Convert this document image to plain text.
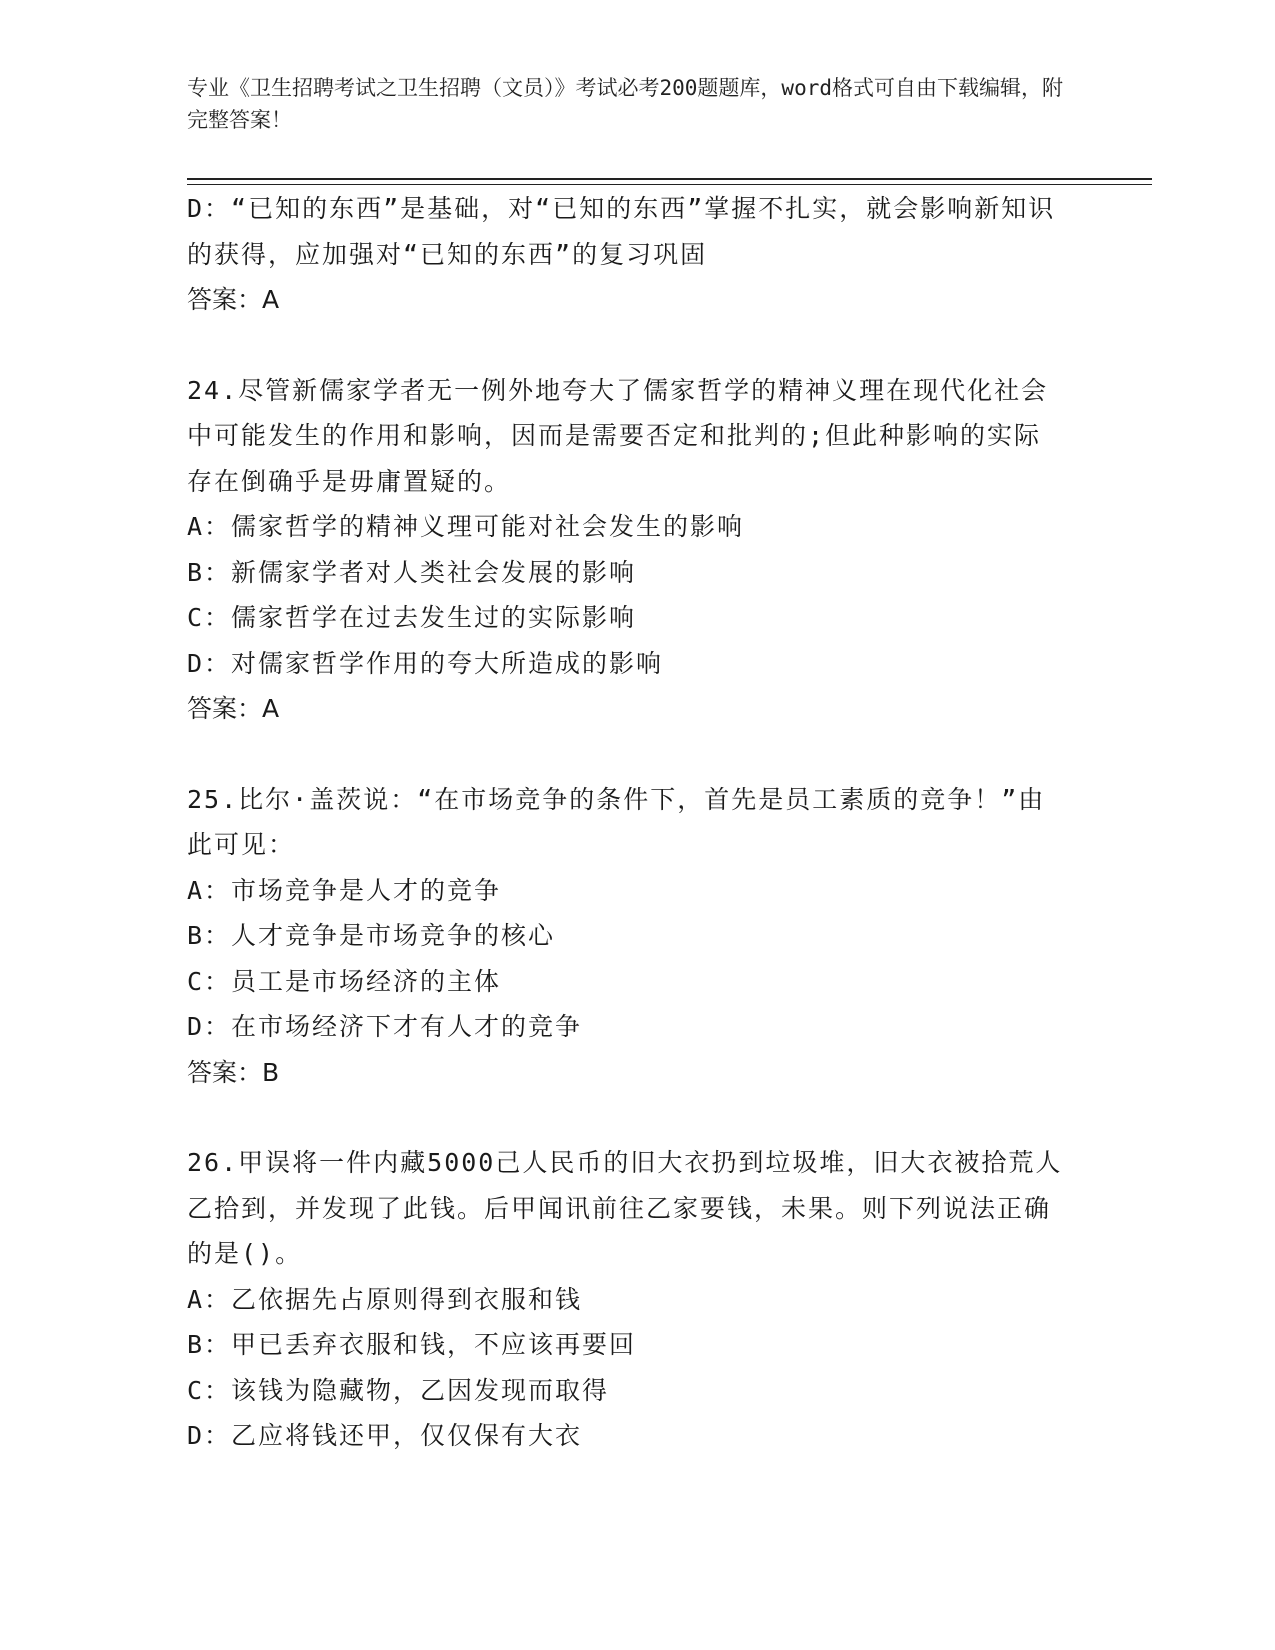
专业《卫生招聘考试之卫生招聘（文员）》考试必考200题题库，word格式可自由下载编辑，附完整答案！

D：“已知的东西”是基础，对“已知的东西”掌握不扎实，就会影响新知识的获得，应加强对“已知的东西”的复习巩固

答案：A

24.尽管新儒家学者无一例外地夸大了儒家哲学的精神义理在现代化社会中可能发生的作用和影响，因而是需要否定和批判的;但此种影响的实际存在倒确乎是毋庸置疑的。

A：儒家哲学的精神义理可能对社会发生的影响

B：新儒家学者对人类社会发展的影响

C：儒家哲学在过去发生过的实际影响

D：对儒家哲学作用的夸大所造成的影响

答案：A

25.比尔·盖茨说：“在市场竞争的条件下，首先是员工素质的竞争！”由此可见：

A：市场竞争是人才的竞争

B：人才竞争是市场竞争的核心

C：员工是市场经济的主体

D：在市场经济下才有人才的竞争

答案：B

26.甲误将一件内藏5000己人民币的旧大衣扔到垃圾堆，旧大衣被拾荒人乙拾到，并发现了此钱。后甲闻讯前往乙家要钱，未果。则下列说法正确的是()。

A：乙依据先占原则得到衣服和钱

B：甲已丢弃衣服和钱，不应该再要回

C：该钱为隐藏物，乙因发现而取得

D：乙应将钱还甲，仅仅保有大衣
